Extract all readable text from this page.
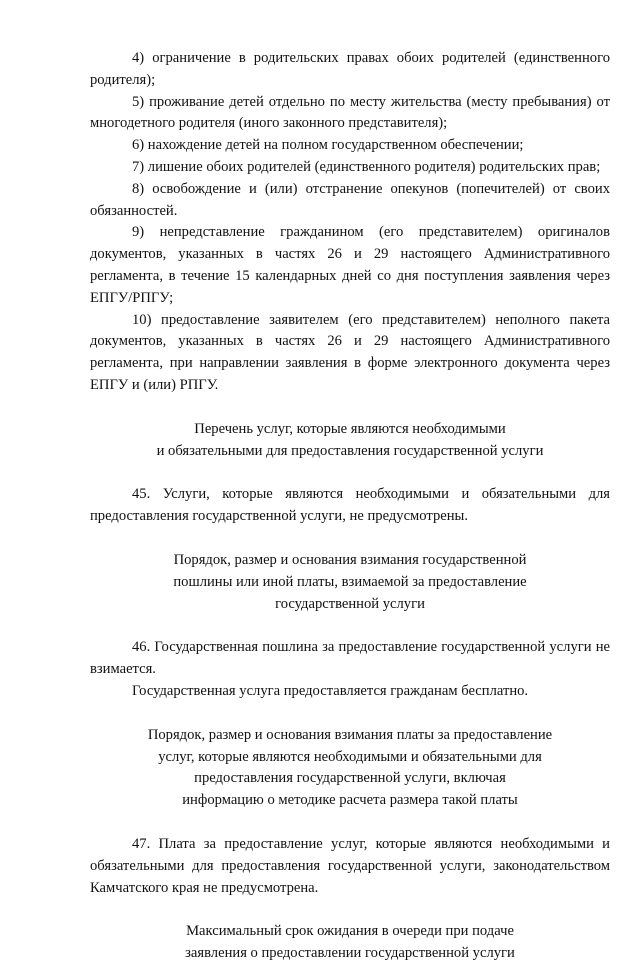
4) ограничение в родительских правах обоих родителей (единственного родителя);

5) проживание детей отдельно по месту жительства (месту пребывания) от многодетного родителя (иного законного представителя);

6) нахождение детей на полном государственном обеспечении;

7) лишение обоих родителей (единственного родителя) родительских прав;

8) освобождение и (или) отстранение опекунов (попечителей) от своих обязанностей.

9) непредставление гражданином (его представителем) оригиналов документов, указанных в частях 26 и 29 настоящего Административного регламента, в течение 15 календарных дней со дня поступления заявления через ЕПГУ/РПГУ;

10) предоставление заявителем (его представителем) неполного пакета документов, указанных в частях 26 и 29 настоящего Административного регламента, при направлении заявления в форме электронного документа через ЕПГУ и (или) РПГУ.

Перечень услуг, которые являются необходимыми

и обязательными для предоставления государственной услуги

45. Услуги, которые являются необходимыми и обязательными для предоставления государственной услуги, не предусмотрены.

Порядок, размер и основания взимания государственной

пошлины или иной платы, взимаемой за предоставление

государственной услуги

46. Государственная пошлина за предоставление государственной услуги не взимается.

Государственная услуга предоставляется гражданам бесплатно.

Порядок, размер и основания взимания платы за предоставление

услуг, которые являются необходимыми и обязательными для

предоставления государственной услуги, включая

информацию о методике расчета размера такой платы

47. Плата за предоставление услуг, которые являются необходимыми и обязательными для предоставления государственной услуги, законодательством Камчатского края не предусмотрена.

Максимальный срок ожидания в очереди при подаче

заявления о предоставлении государственной услуги
